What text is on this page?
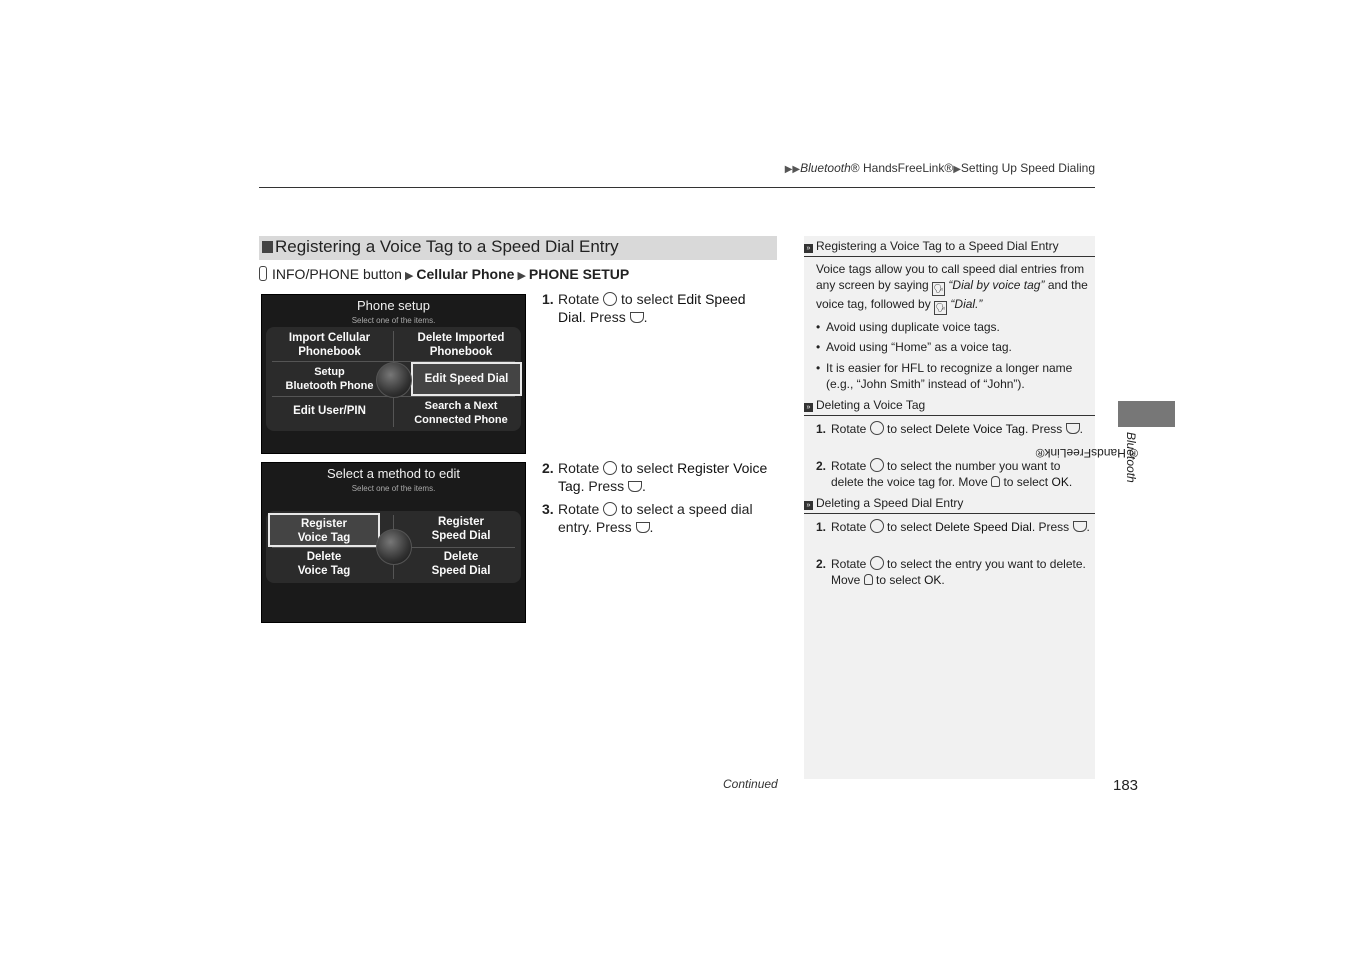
▶▶Bluetooth® HandsFreeLink®▶Setting Up Speed Dialing
Registering a Voice Tag to a Speed Dial Entry
INFO/PHONE button ▶ Cellular Phone ▶ PHONE SETUP
Phone setup
Select one of the items.
Import Cellular
Phonebook
Delete Imported
Phonebook
Setup
Bluetooth Phone
Edit Speed Dial
Edit User/PIN	Search a Next
Connected Phone
Select a method to edit
Select one of the items.
Register
Voice Tag
Register
Speed Dial
Delete
Voice Tag
Delete
Speed Dial
1. Rotate to select Edit Speed Dial. Press .
2. Rotate to select Register Voice Tag. Press .
3. Rotate to select a speed dial entry. Press .
» Registering a Voice Tag to a Speed Dial Entry
Voice tags allow you to call speed dial entries from any screen by saying 🗣 “Dial by voice tag” and the voice tag, followed by 🗣 “Dial.”
• Avoid using duplicate voice tags.
• Avoid using “Home” as a voice tag.
• It is easier for HFL to recognize a longer name (e.g., “John Smith” instead of “John”).
» Deleting a Voice Tag
1. Rotate to select Delete Voice Tag. Press .
2. Rotate to select the number you want to delete the voice tag for. Move to select OK.
» Deleting a Speed Dial Entry
1. Rotate to select Delete Speed Dial. Press .
2. Rotate to select the entry you want to delete. Move to select OK.
Bluetooth
® HandsFreeLink®
Continued	183
